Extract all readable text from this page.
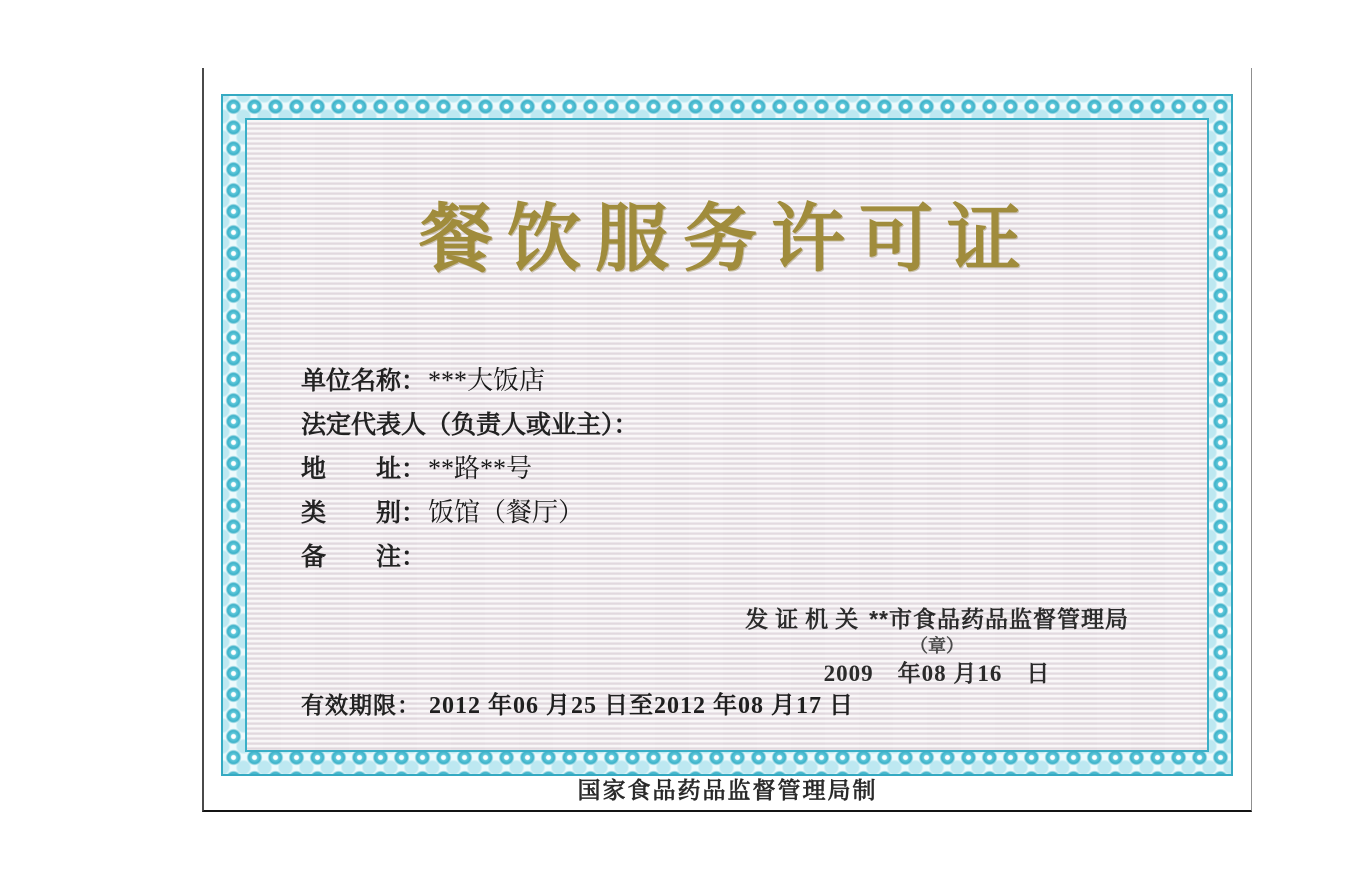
餐饮服务许可证
单位名称：***大饭店
法定代表人（负责人或业主）：
地　　址：**路**号
类　　别：饭馆（餐厅）
备　　注：
发证机关 **市食品药品监督管理局
（章）
2009　年08 月16　日
有效期限： 2012 年06 月25 日至2012 年08 月17 日
国家食品药品监督管理局制
